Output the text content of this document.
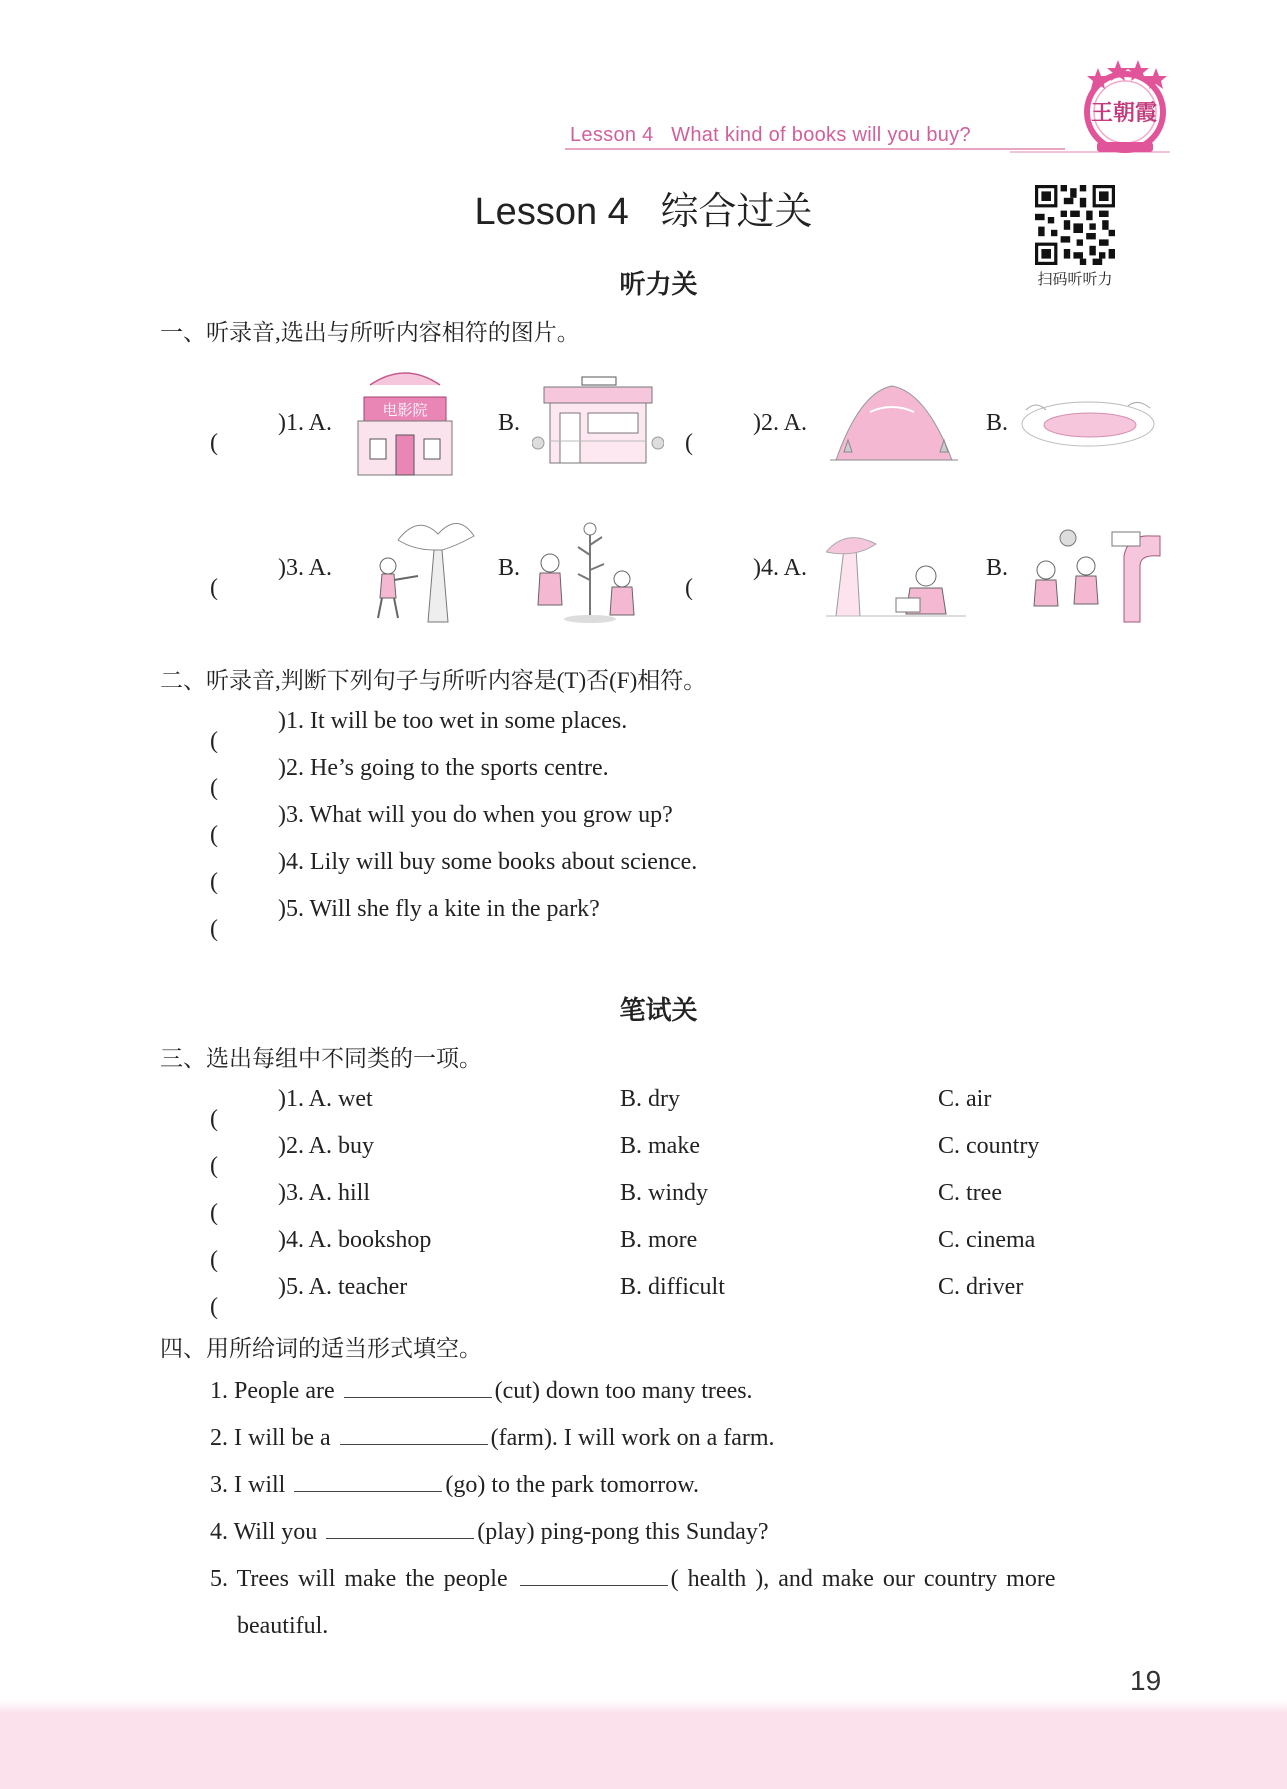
Lesson 4 What kind of books will you buy?
王朝霞
Lesson 4   综合过关
扫码听听力
听力关
一、听录音,选出与所听内容相符的图片。
(
)1. A.	电影院	B.
(
)2. A.	B.
(
)3. A.	B.
(
)4. A.	B.
二、听录音,判断下列句子与所听内容是(T)否(F)相符。
(
)1. It will be too wet in some places.
(
)2. He’s going to the sports centre.
(
)3. What will you do when you grow up?
(
)4. Lily will buy some books about science.
(
)5. Will she fly a kite in the park?
笔试关
三、选出每组中不同类的一项。
(
)1. A. wet	B. dry	C. air
(
)2. A. buy	B. make	C. country
(
)3. A. hill	B. windy	C. tree
(
)4. A. bookshop	B. more	C. cinema
(
)5. A. teacher	B. difficult	C. driver
四、用所给词的适当形式填空。
1. People are	(cut) down too many trees.
2. I will be a	(farm). I will work on a farm.
3. I will	(go) to the park tomorrow.
4. Will you	(play) ping-pong this Sunday?
5. Trees will make the people	( health ), and make our country more
beautiful.
19
